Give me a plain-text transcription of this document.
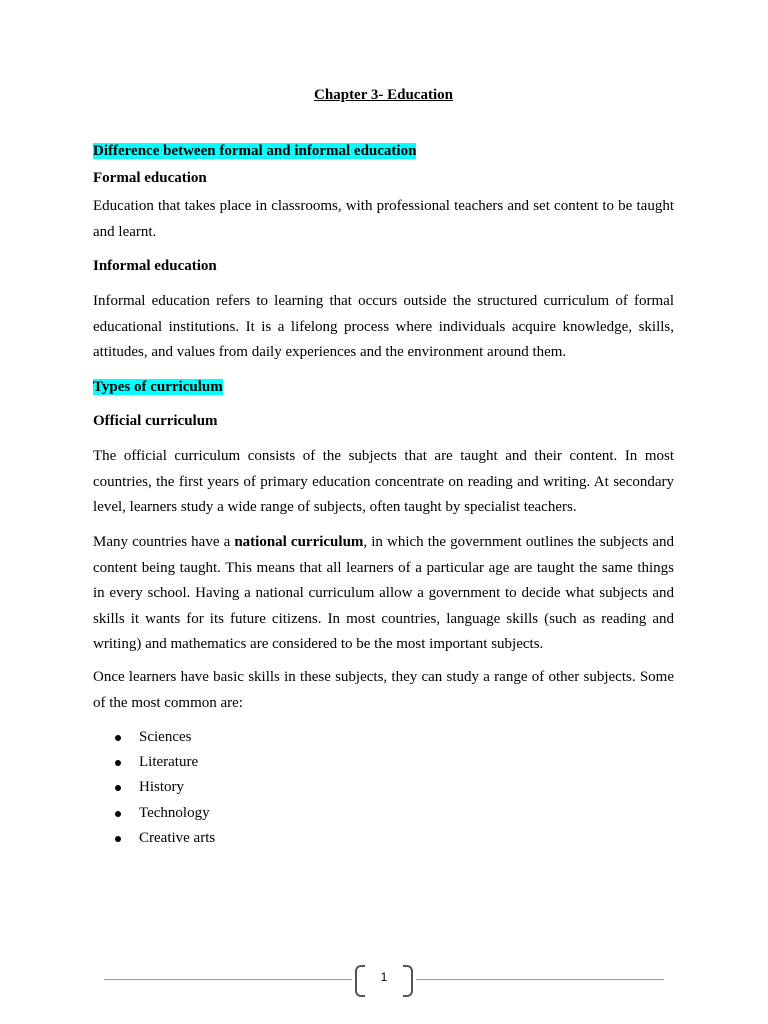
Chapter 3- Education
Difference between formal and informal education
Formal education
Education that takes place in classrooms, with professional teachers and set content to be taught and learnt.
Informal education
Informal education refers to learning that occurs outside the structured curriculum of formal educational institutions. It is a lifelong process where individuals acquire knowledge, skills, attitudes, and values from daily experiences and the environment around them.
Types of curriculum
Official curriculum
The official curriculum consists of the subjects that are taught and their content. In most countries, the first years of primary education concentrate on reading and writing. At secondary level, learners study a wide range of subjects, often taught by specialist teachers.
Many countries have a national curriculum, in which the government outlines the subjects and content being taught. This means that all learners of a particular age are taught the same things in every school. Having a national curriculum allow a government to decide what subjects and skills it wants for its future citizens. In most countries, language skills (such as reading and writing) and mathematics are considered to be the most important subjects.
Once learners have basic skills in these subjects, they can study a range of other subjects. Some of the most common are:
Sciences
Literature
History
Technology
Creative arts
1
